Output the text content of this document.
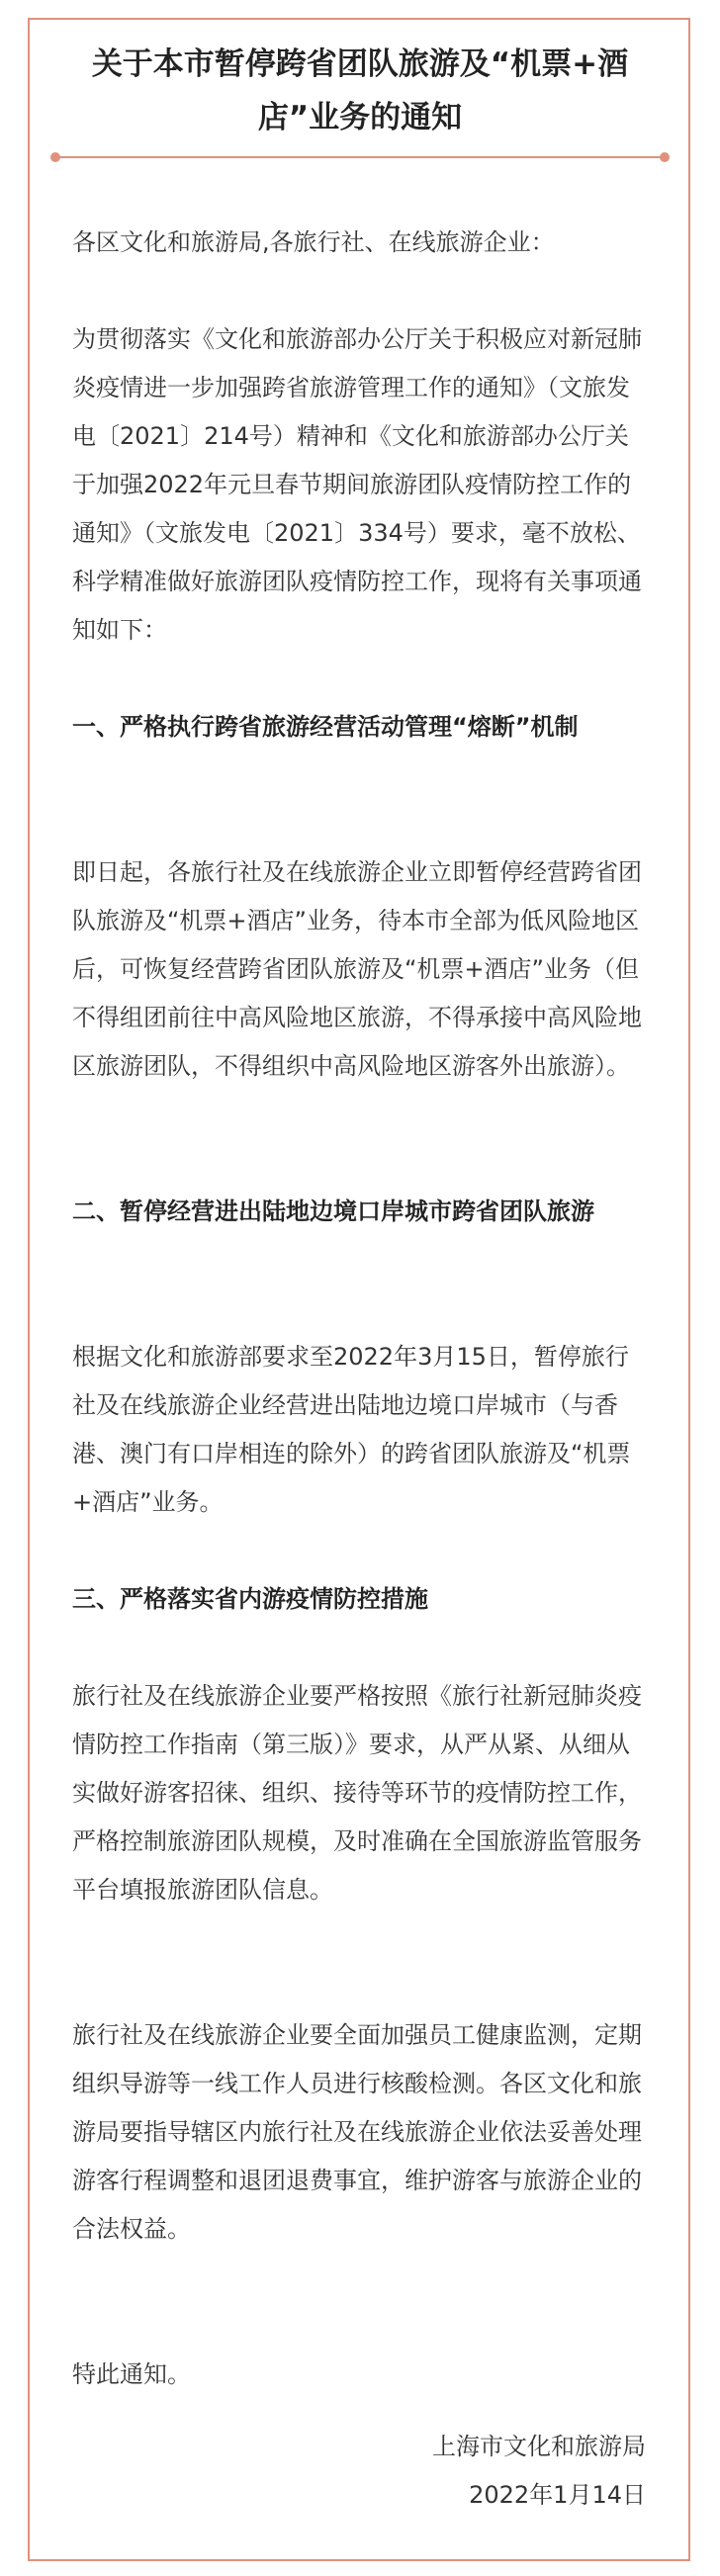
关于本市暂停跨省团队旅游及“机票+酒店”业务的通知

各区文化和旅游局,各旅行社、在线旅游企业：

为贯彻落实《文化和旅游部办公厅关于积极应对新冠肺炎疫情进一步加强跨省旅游管理工作的通知》（文旅发电〔2021〕214号）精神和《文化和旅游部办公厅关于加强2022年元旦春节期间旅游团队疫情防控工作的通知》（文旅发电〔2021〕334号）要求，毫不放松、科学精准做好旅游团队疫情防控工作，现将有关事项通知如下：

一、严格执行跨省旅游经营活动管理“熔断”机制

即日起，各旅行社及在线旅游企业立即暂停经营跨省团队旅游及“机票+酒店”业务，待本市全部为低风险地区后，可恢复经营跨省团队旅游及“机票+酒店”业务（但不得组团前往中高风险地区旅游，不得承接中高风险地区旅游团队，不得组织中高风险地区游客外出旅游）。

二、暂停经营进出陆地边境口岸城市跨省团队旅游

根据文化和旅游部要求至2022年3月15日，暂停旅行社及在线旅游企业经营进出陆地边境口岸城市（与香港、澳门有口岸相连的除外）的跨省团队旅游及“机票+酒店”业务。

三、严格落实省内游疫情防控措施

旅行社及在线旅游企业要严格按照《旅行社新冠肺炎疫情防控工作指南（第三版）》要求，从严从紧、从细从实做好游客招徕、组织、接待等环节的疫情防控工作，严格控制旅游团队规模，及时准确在全国旅游监管服务平台填报旅游团队信息。

旅行社及在线旅游企业要全面加强员工健康监测，定期组织导游等一线工作人员进行核酸检测。各区文化和旅游局要指导辖区内旅行社及在线旅游企业依法妥善处理游客行程调整和退团退费事宜，维护游客与旅游企业的合法权益。

特此通知。

上海市文化和旅游局
2022年1月14日
